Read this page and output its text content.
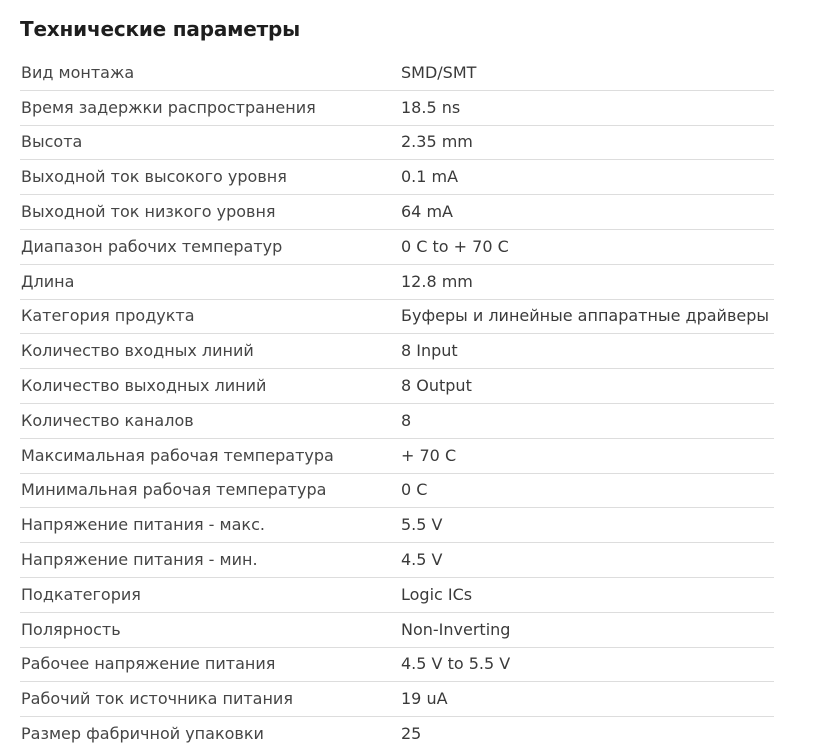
Технические параметры
Вид монтажа	SMD/SMT
Время задержки распространения	18.5 ns
Высота	2.35 mm
Выходной ток высокого уровня	0.1 mA
Выходной ток низкого уровня	64 mA
Диапазон рабочих температур	0 C to + 70 C
Длина	12.8 mm
Категория продукта	Буферы и линейные аппаратные драйверы
Количество входных линий	8 Input
Количество выходных линий	8 Output
Количество каналов	8
Максимальная рабочая температура	+ 70 C
Минимальная рабочая температура	0 C
Напряжение питания - макс.	5.5 V
Напряжение питания - мин.	4.5 V
Подкатегория	Logic ICs
Полярность	Non-Inverting
Рабочее напряжение питания	4.5 V to 5.5 V
Рабочий ток источника питания	19 uA
Размер фабричной упаковки	25
